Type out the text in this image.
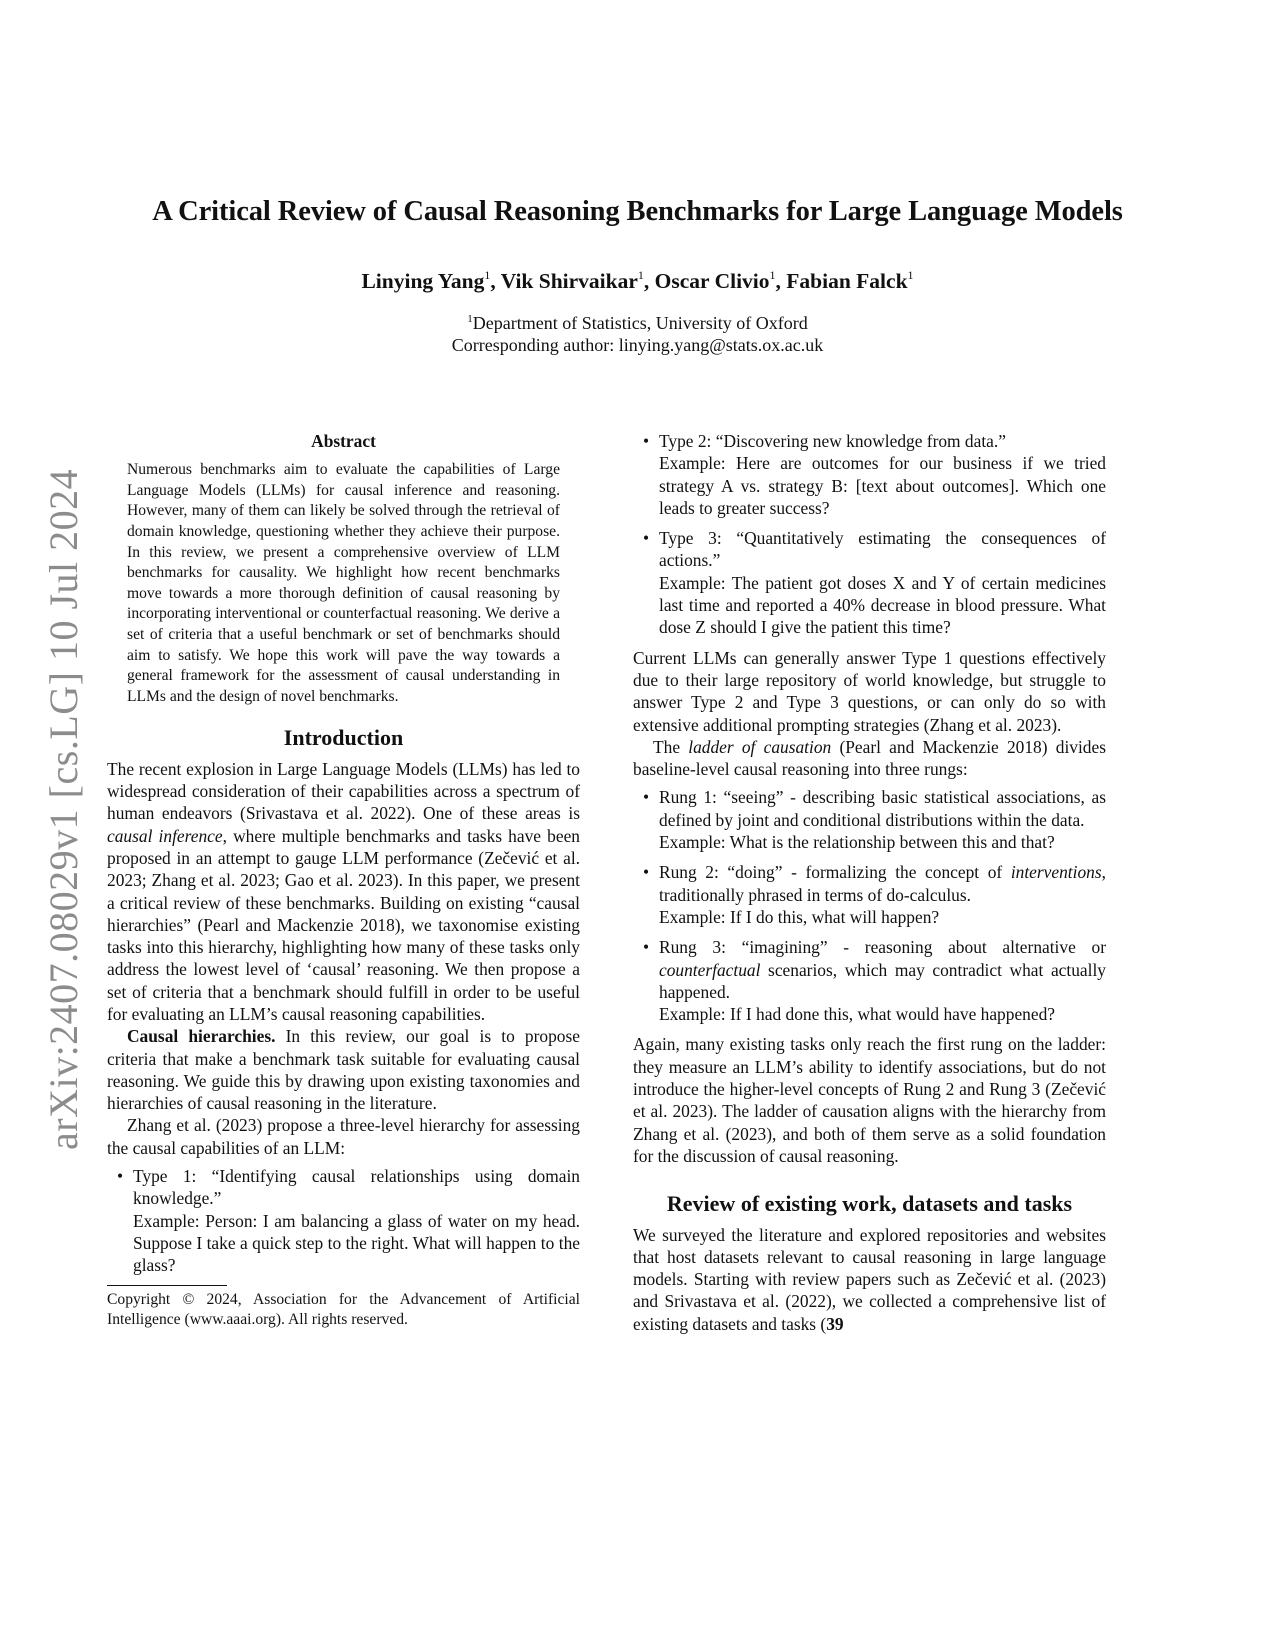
A Critical Review of Causal Reasoning Benchmarks for Large Language Models
Linying Yang$^1$, Vik Shirvaikar$^1$, Oscar Clivio$^1$, Fabian Falck$^1$
$^1$Department of Statistics, University of Oxford
Corresponding author: linying.yang@stats.ox.ac.uk
arXiv:2407.08029v1 [cs.LG] 10 Jul 2024
Abstract

Numerous benchmarks aim to evaluate the capabilities of Large Language Models (LLMs) for causal inference and reasoning. However, many of them can likely be solved through the retrieval of domain knowledge, questioning whether they achieve their purpose. In this review, we present a comprehensive overview of LLM benchmarks for causality. We highlight how recent benchmarks move towards a more thorough definition of causal reasoning by incorporating interventional or counterfactual reasoning. We derive a set of criteria that a useful benchmark or set of benchmarks should aim to satisfy. We hope this work will pave the way towards a general framework for the assessment of causal understanding in LLMs and the design of novel benchmarks.

Introduction

The recent explosion in Large Language Models (LLMs) has led to widespread consideration of their capabilities across a spectrum of human endeavors (Srivastava et al. 2022). One of these areas is causal inference, where multiple benchmarks and tasks have been proposed in an attempt to gauge LLM performance (Zečević et al. 2023; Zhang et al. 2023; Gao et al. 2023). In this paper, we present a critical review of these benchmarks. Building on existing “causal hierarchies” (Pearl and Mackenzie 2018), we taxonomise existing tasks into this hierarchy, highlighting how many of these tasks only address the lowest level of ‘causal’ reasoning. We then propose a set of criteria that a benchmark should fulfill in order to be useful for evaluating an LLM’s causal reasoning capabilities.

Causal hierarchies. In this review, our goal is to propose criteria that make a benchmark task suitable for evaluating causal reasoning. We guide this by drawing upon existing taxonomies and hierarchies of causal reasoning in the literature.

Zhang et al. (2023) propose a three-level hierarchy for assessing the causal capabilities of an LLM:

• Type 1: “Identifying causal relationships using domain knowledge.”
Example: Person: I am balancing a glass of water on my head. Suppose I take a quick step to the right. What will happen to the glass?
Copyright © 2024, Association for the Advancement of Artificial Intelligence (www.aaai.org). All rights reserved.
• Type 2: “Discovering new knowledge from data.”
Example: Here are outcomes for our business if we tried strategy A vs. strategy B: [text about outcomes]. Which one leads to greater success?
• Type 3: “Quantitatively estimating the consequences of actions.”
Example: The patient got doses X and Y of certain medicines last time and reported a 40% decrease in blood pressure. What dose Z should I give the patient this time?

Current LLMs can generally answer Type 1 questions effectively due to their large repository of world knowledge, but struggle to answer Type 2 and Type 3 questions, or can only do so with extensive additional prompting strategies (Zhang et al. 2023).

The ladder of causation (Pearl and Mackenzie 2018) divides baseline-level causal reasoning into three rungs:

• Rung 1: “seeing” - describing basic statistical associations, as defined by joint and conditional distributions within the data.
Example: What is the relationship between this and that?
• Rung 2: “doing” - formalizing the concept of interventions, traditionally phrased in terms of do-calculus.
Example: If I do this, what will happen?
• Rung 3: “imagining” - reasoning about alternative or counterfactual scenarios, which may contradict what actually happened.
Example: If I had done this, what would have happened?

Again, many existing tasks only reach the first rung on the ladder: they measure an LLM’s ability to identify associations, but do not introduce the higher-level concepts of Rung 2 and Rung 3 (Zečević et al. 2023). The ladder of causation aligns with the hierarchy from Zhang et al. (2023), and both of them serve as a solid foundation for the discussion of causal reasoning.

Review of existing work, datasets and tasks

We surveyed the literature and explored repositories and websites that host datasets relevant to causal reasoning in large language models. Starting with review papers such as Zečević et al. (2023) and Srivastava et al. (2022), we collected a comprehensive list of existing datasets and tasks (39
